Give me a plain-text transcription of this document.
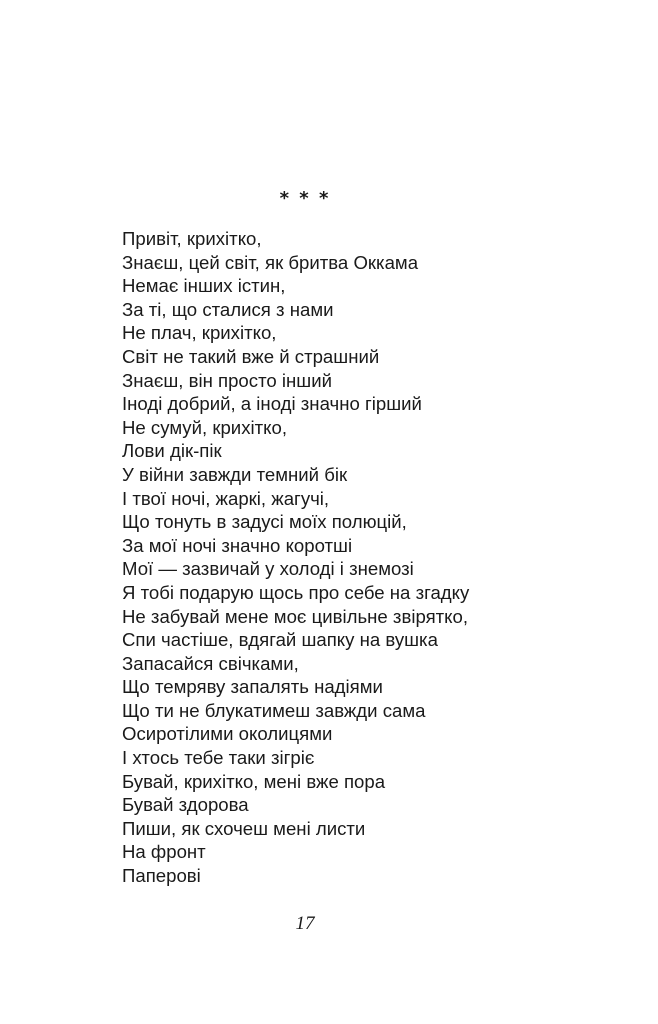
* * *
Привіт, крихітко,
Знаєш, цей світ, як бритва Оккама
Немає інших істин,
За ті, що сталися з нами
Не плач, крихітко,
Світ не такий вже й страшний
Знаєш, він просто інший
Іноді добрий, а іноді значно гірший
Не сумуй, крихітко,
Лови дік-пік
У війни завжди темний бік
І твої ночі, жаркі, жагучі,
Що тонуть в задусі моїх полюцій,
За мої ночі значно коротші
Мої — зазвичай у холоді і знемозі
Я тобі подарую щось про себе на згадку
Не забувай мене моє цивільне звірятко,
Спи частіше, вдягай шапку на вушка
Запасайся свічками,
Що темряву запалять надіями
Що ти не блукатимеш завжди сама
Осиротілими околицями
І хтось тебе таки зігріє
Бувай, крихітко, мені вже пора
Бувай здорова
Пиши, як схочеш мені листи
На фронт
Паперові
17
